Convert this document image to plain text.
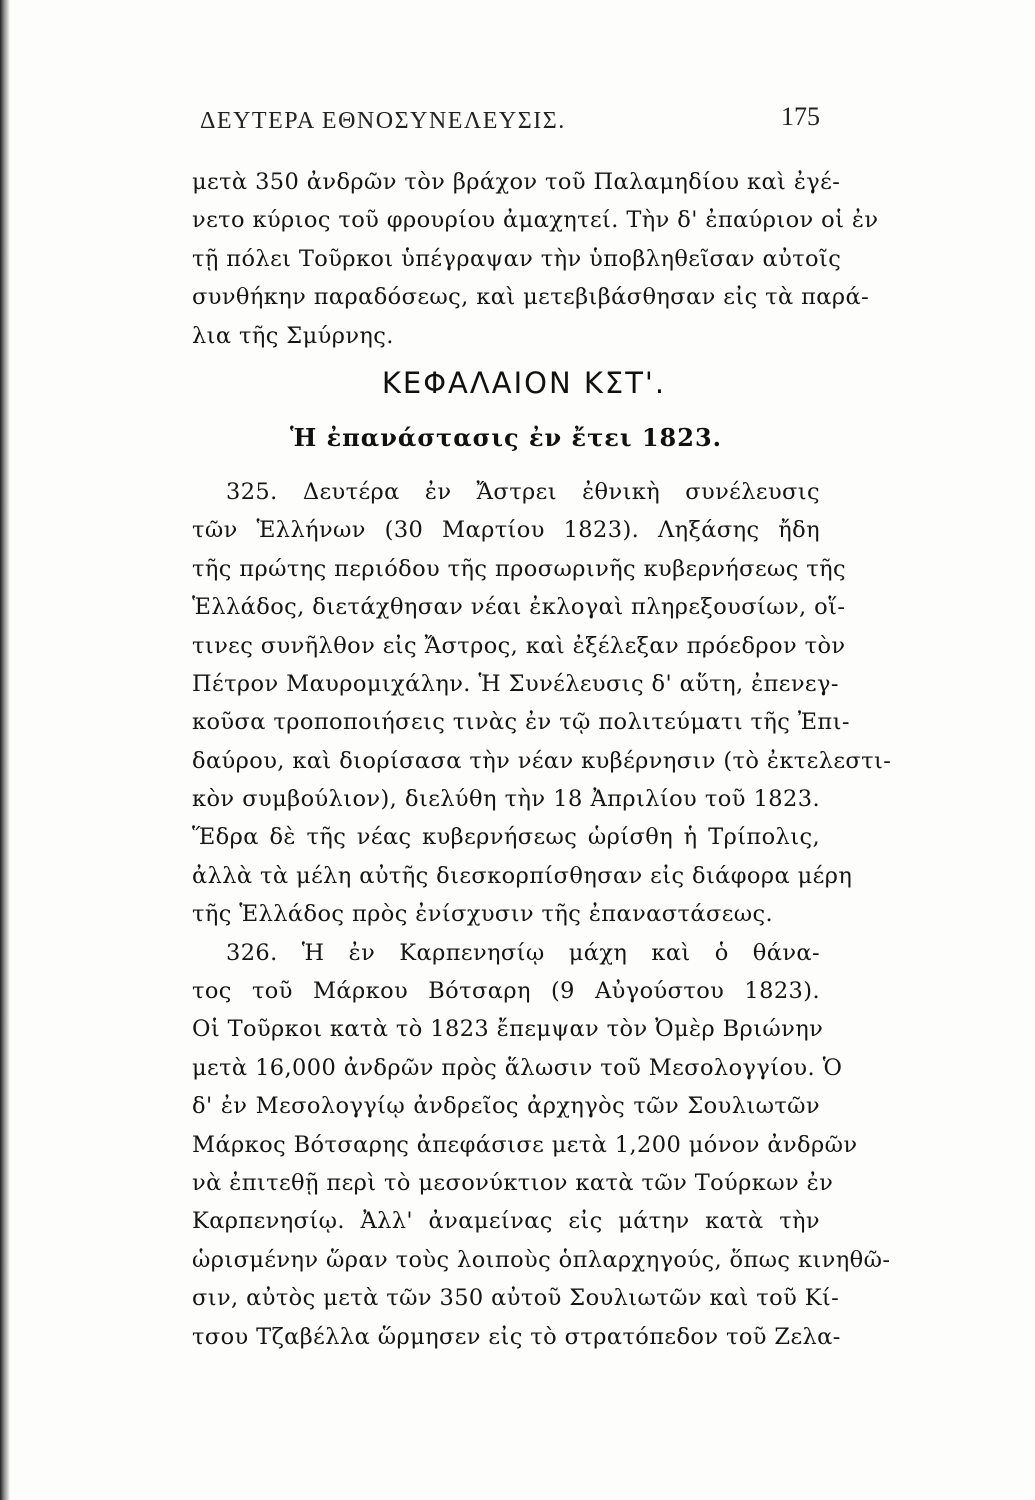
ΔΕΥΤΕΡΑ ΕΘΝΟΣΥΝΕΛΕΥΣΙΣ.	175
μετὰ 350 ἀνδρῶν τὸν βράχον τοῦ Παλαμηδίου καὶ ἐγέ-
νετο κύριος τοῦ φρουρίου ἀμαχητεί. Τὴν δ' ἐπαύριον οἱ ἐν
τῇ πόλει Τοῦρκοι ὑπέγραψαν τὴν ὑποβληθεῖσαν αὐτοῖς
συνθήκην παραδόσεως, καὶ μετεβιβάσθησαν εἰς τὰ παρά-
λια τῆς Σμύρνης.
ΚΕΦΑΛΑΙΟΝ ΚΣΤ'.
Ἡ ἐπανάστασις ἐν ἔτει 1823.
325. Δευτέρα ἐν Ἄστρει ἐθνικὴ συνέλευσις
τῶν Ἑλλήνων (30 Μαρτίου 1823). Ληξάσης ἤδη
τῆς πρώτης περιόδου τῆς προσωρινῆς κυβερνήσεως τῆς
Ἑλλάδος, διετάχθησαν νέαι ἐκλογαὶ πληρεξουσίων, οἵ-
τινες συνῆλθον εἰς Ἄστρος, καὶ ἐξέλεξαν πρόεδρον τὸν
Πέτρον Μαυρομιχάλην. Ἡ Συνέλευσις δ' αὕτη, ἐπενεγ-
κοῦσα τροποποιήσεις τινὰς ἐν τῷ πολιτεύματι τῆς Ἐπι-
δαύρου, καὶ διορίσασα τὴν νέαν κυβέρνησιν (τὸ ἐκτελεστι-
κὸν συμβούλιον), διελύθη τὴν 18 Ἀπριλίου τοῦ 1823.
Ἕδρα δὲ τῆς νέας κυβερνήσεως ὡρίσθη ἡ Τρίπολις,
ἀλλὰ τὰ μέλη αὐτῆς διεσκορπίσθησαν εἰς διάφορα μέρη
τῆς Ἑλλάδος πρὸς ἐνίσχυσιν τῆς ἐπαναστάσεως.
326. Ἡ ἐν Καρπενησίῳ μάχη καὶ ὁ θάνα-
τος τοῦ Μάρκου Βότσαρη (9 Αὐγούστου 1823).
Οἱ Τοῦρκοι κατὰ τὸ 1823 ἔπεμψαν τὸν Ὀμὲρ Βριώνην
μετὰ 16,000 ἀνδρῶν πρὸς ἅλωσιν τοῦ Μεσολογγίου. Ὁ
δ' ἐν Μεσολογγίῳ ἀνδρεῖος ἀρχηγὸς τῶν Σουλιωτῶν
Μάρκος Βότσαρης ἀπεφάσισε μετὰ 1,200 μόνον ἀνδρῶν
νὰ ἐπιτεθῇ περὶ τὸ μεσονύκτιον κατὰ τῶν Τούρκων ἐν
Καρπενησίῳ. Ἀλλ' ἀναμείνας εἰς μάτην κατὰ τὴν
ὡρισμένην ὥραν τοὺς λοιποὺς ὁπλαρχηγούς, ὅπως κινηθῶ-
σιν, αὐτὸς μετὰ τῶν 350 αὐτοῦ Σουλιωτῶν καὶ τοῦ Κί-
τσου Τζαβέλλα ὥρμησεν εἰς τὸ στρατόπεδον τοῦ Ζελα-
